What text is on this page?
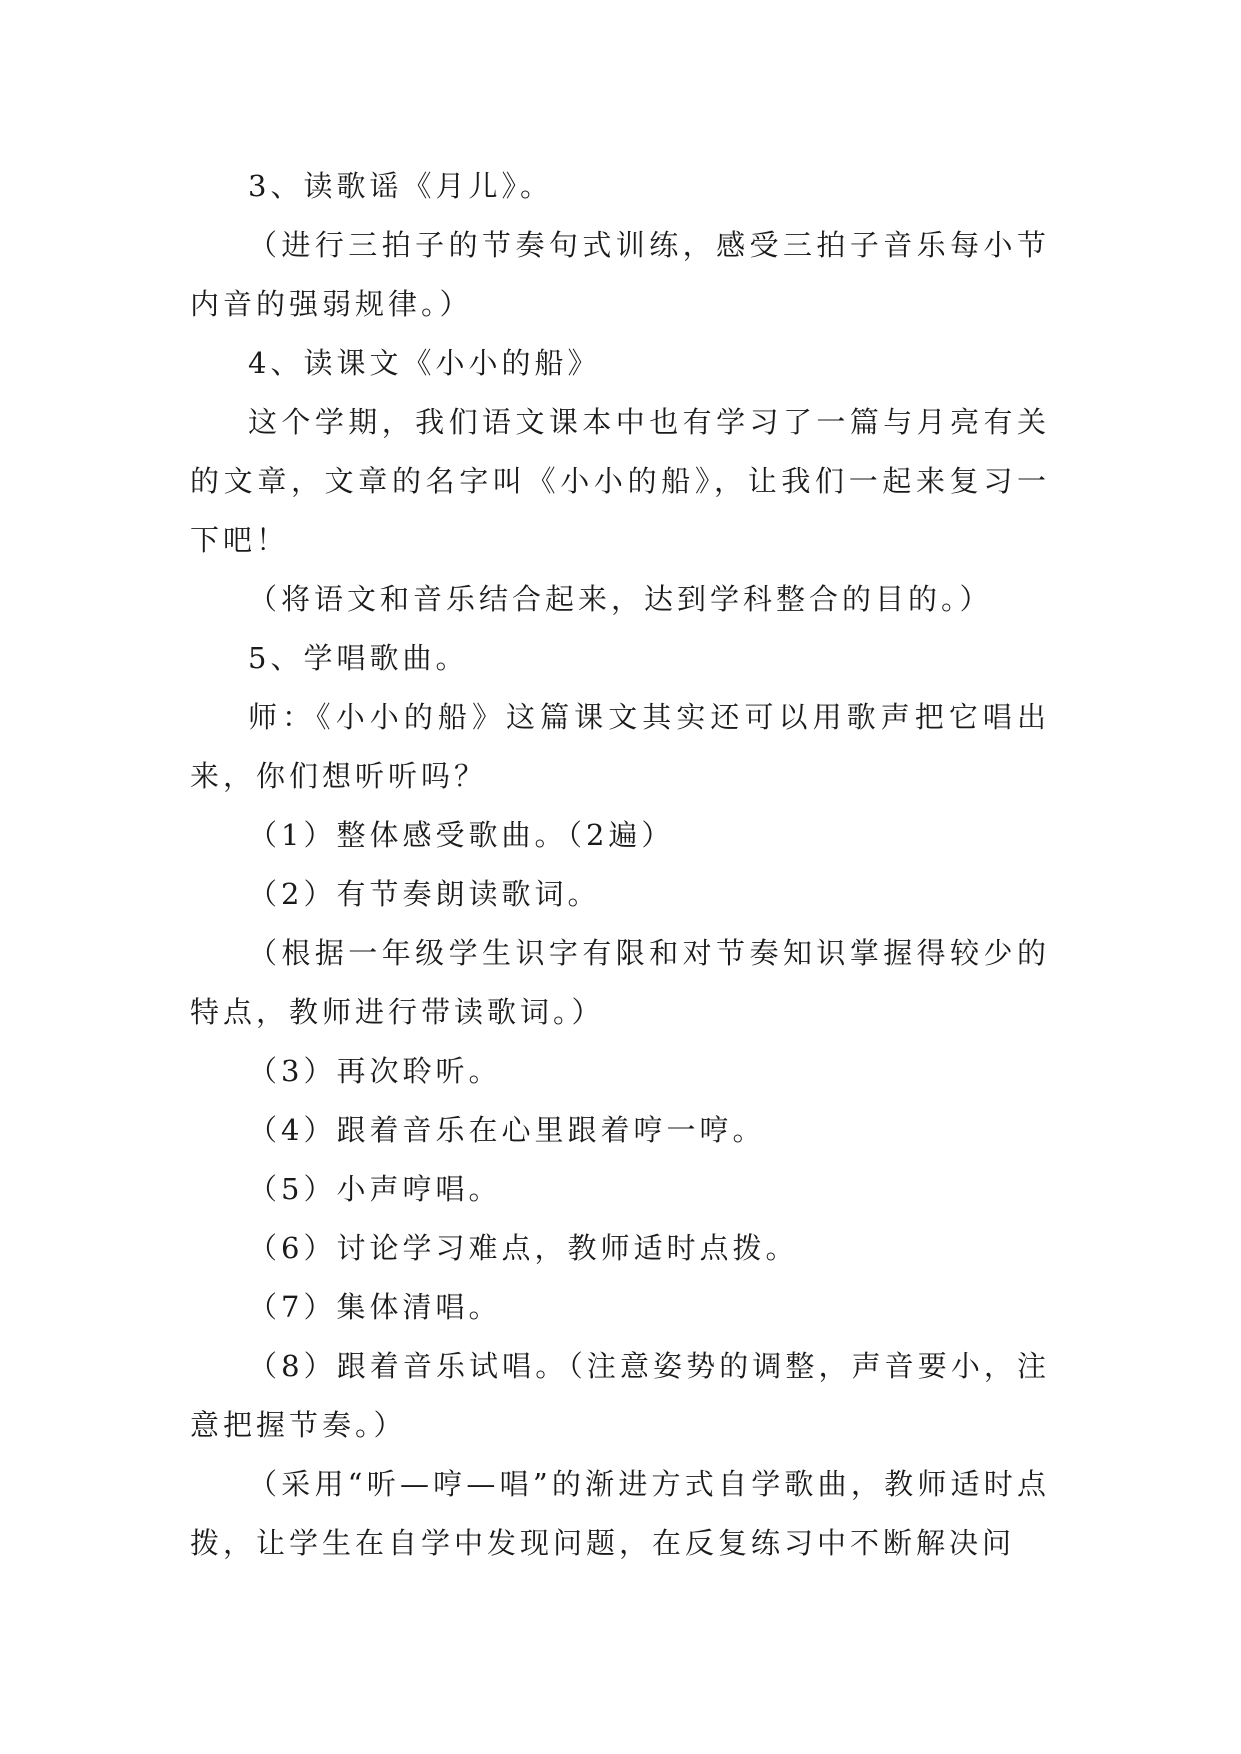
3、读歌谣《月儿》。

（进行三拍子的节奏句式训练，感受三拍子音乐每小节内音的强弱规律。）

4、读课文《小小的船》

这个学期，我们语文课本中也有学习了一篇与月亮有关的文章，文章的名字叫《小小的船》，让我们一起来复习一下吧！

（将语文和音乐结合起来，达到学科整合的目的。）

5、学唱歌曲。

师：《小小的船》这篇课文其实还可以用歌声把它唱出来，你们想听听吗？

（1）整体感受歌曲。（2遍）

（2）有节奏朗读歌词。

（根据一年级学生识字有限和对节奏知识掌握得较少的特点，教师进行带读歌词。）

（3）再次聆听。

（4）跟着音乐在心里跟着哼一哼。

（5）小声哼唱。

（6）讨论学习难点，教师适时点拨。

（7）集体清唱。

（8）跟着音乐试唱。（注意姿势的调整，声音要小，注意把握节奏。）

（采用“听—哼—唱”的渐进方式自学歌曲，教师适时点拨，让学生在自学中发现问题，在反复练习中不断解决问
